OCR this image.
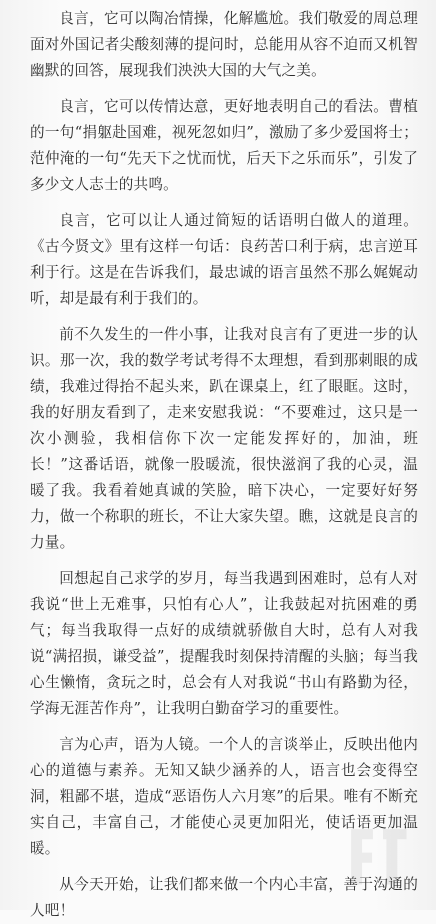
良言，它可以陶冶情操，化解尴尬。我们敬爱的周总理面对外国记者尖酸刻薄的提问时，总能用从容不迫而又机智幽默的回答，展现我们泱泱大国的大气之美。

良言，它可以传情达意，更好地表明自己的看法。曹植的一句“捐躯赴国难，视死忽如归”，激励了多少爱国将士；范仲淹的一句“先天下之忧而忧，后天下之乐而乐”，引发了多少文人志士的共鸣。

良言，它可以让人通过简短的话语明白做人的道理。《古今贤文》里有这样一句话：良药苦口利于病，忠言逆耳利于行。这是在告诉我们，最忠诚的语言虽然不那么娓娓动听，却是最有利于我们的。

前不久发生的一件小事，让我对良言有了更进一步的认识。那一次，我的数学考试考得不太理想，看到那刺眼的成绩，我难过得抬不起头来，趴在课桌上，红了眼眶。这时，我的好朋友看到了，走来安慰我说：“不要难过，这只是一次小测验，我相信你下次一定能发挥好的，加油，班长！”这番话语，就像一股暖流，很快滋润了我的心灵，温暖了我。我看着她真诚的笑脸，暗下决心，一定要好好努力，做一个称职的班长，不让大家失望。瞧，这就是良言的力量。

回想起自己求学的岁月，每当我遇到困难时，总有人对我说“世上无难事，只怕有心人”，让我鼓起对抗困难的勇气；每当我取得一点好的成绩就骄傲自大时，总有人对我说“满招损，谦受益”，提醒我时刻保持清醒的头脑；每当我心生懒惰，贪玩之时，总会有人对我说“书山有路勤为径，学海无涯苦作舟”，让我明白勤奋学习的重要性。

言为心声，语为人镜。一个人的言谈举止，反映出他内心的道德与素养。无知又缺少涵养的人，语言也会变得空洞，粗鄙不堪，造成“恶语伤人六月寒”的后果。唯有不断充实自己，丰富自己，才能使心灵更加阳光，使话语更加温暖。

从今天开始，让我们都来做一个内心丰富，善于沟通的人吧！
